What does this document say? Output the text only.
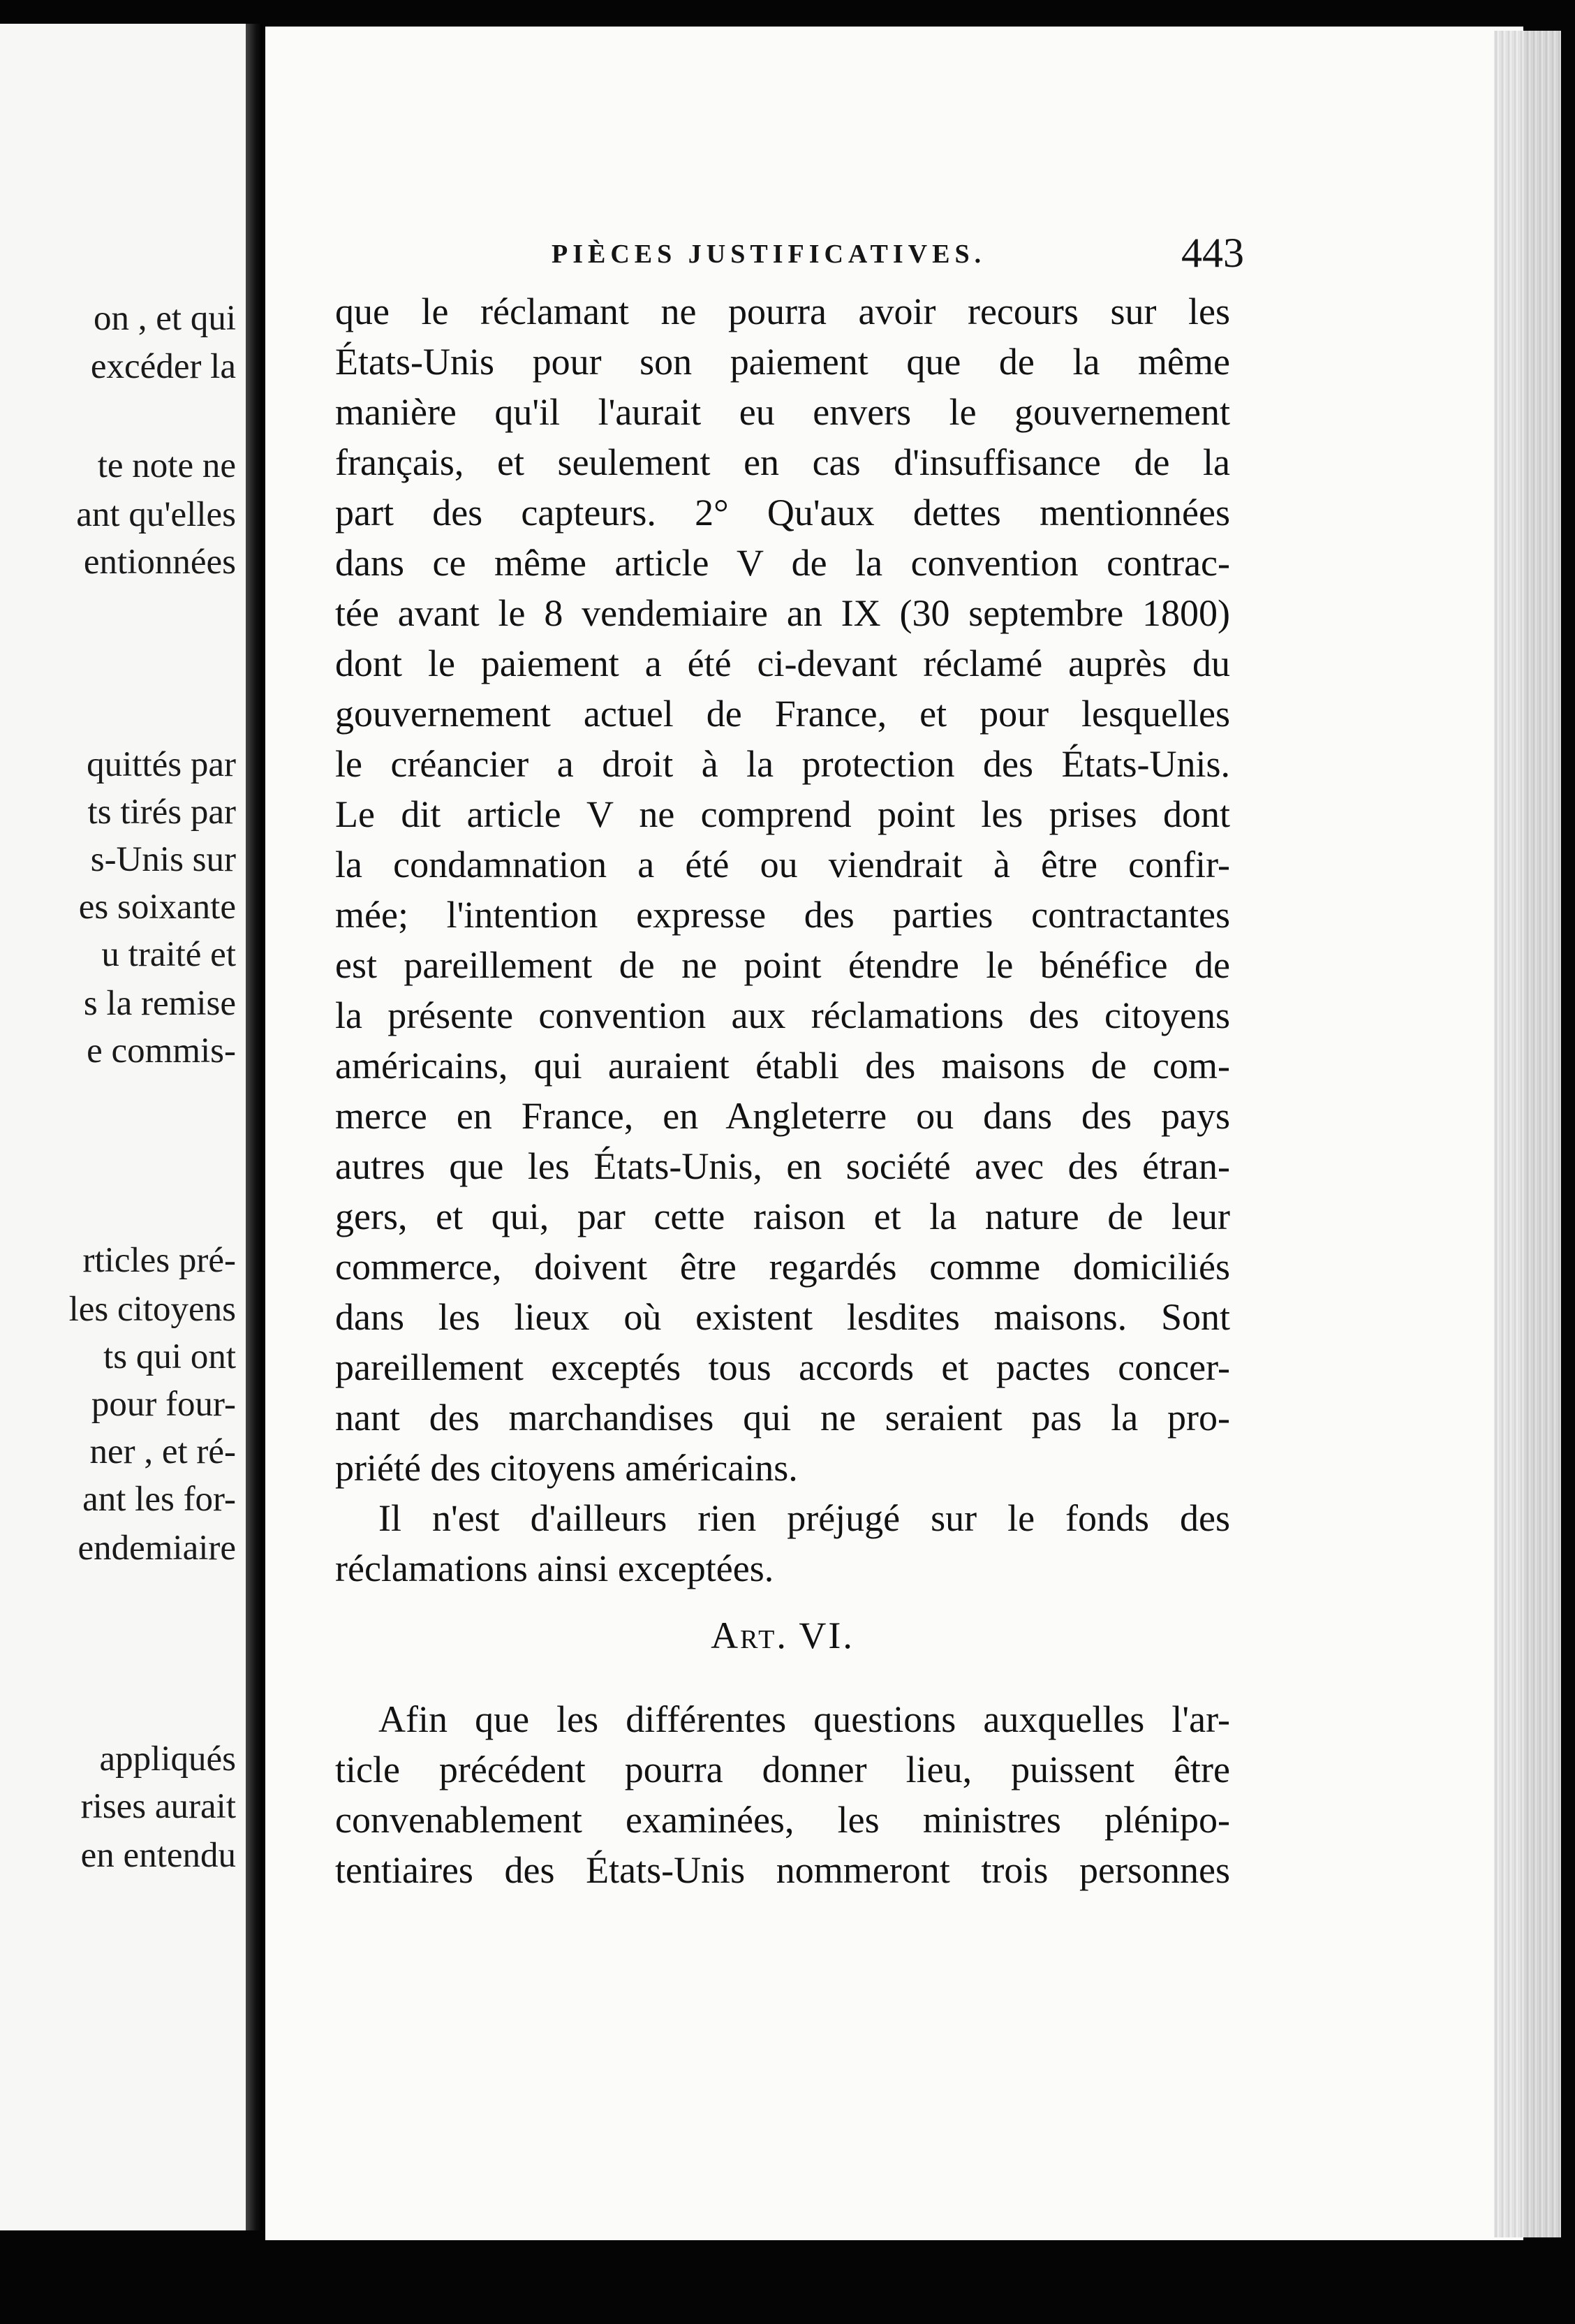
on , et qui
excéder la
te note ne
ant qu'elles
entionnées
quittés par
ts tirés par
s-Unis sur
es soixante
u traité et
s la remise
e commis-
rticles pré-
les citoyens
ts qui ont
pour four-
ner , et ré-
ant les for-
endemiaire
appliqués
rises aurait
en entendu
PIÈCES JUSTIFICATIVES.	443
que le réclamant ne pourra avoir recours sur les
États-Unis pour son paiement que de la même
manière qu'il l'aurait eu envers le gouvernement
français, et seulement en cas d'insuffisance de la
part des capteurs. 2° Qu'aux dettes mentionnées
dans ce même article V de la convention contrac-
tée avant le 8 vendemiaire an IX (30 septembre 1800)
dont le paiement a été ci-devant réclamé auprès du
gouvernement actuel de France, et pour lesquelles
le créancier a droit à la protection des États-Unis.
Le dit article V ne comprend point les prises dont
la condamnation a été ou viendrait à être confir-
mée; l'intention expresse des parties contractantes
est pareillement de ne point étendre le bénéfice de
la présente convention aux réclamations des citoyens
américains, qui auraient établi des maisons de com-
merce en France, en Angleterre ou dans des pays
autres que les États-Unis, en société avec des étran-
gers, et qui, par cette raison et la nature de leur
commerce, doivent être regardés comme domiciliés
dans les lieux où existent lesdites maisons. Sont
pareillement exceptés tous accords et pactes concer-
nant des marchandises qui ne seraient pas la pro-
priété des citoyens américains.
Il n'est d'ailleurs rien préjugé sur le fonds des
réclamations ainsi exceptées.
Art. VI.
Afin que les différentes questions auxquelles l'ar-
ticle précédent pourra donner lieu, puissent être
convenablement examinées, les ministres plénipo-
tentiaires des États-Unis nommeront trois personnes
